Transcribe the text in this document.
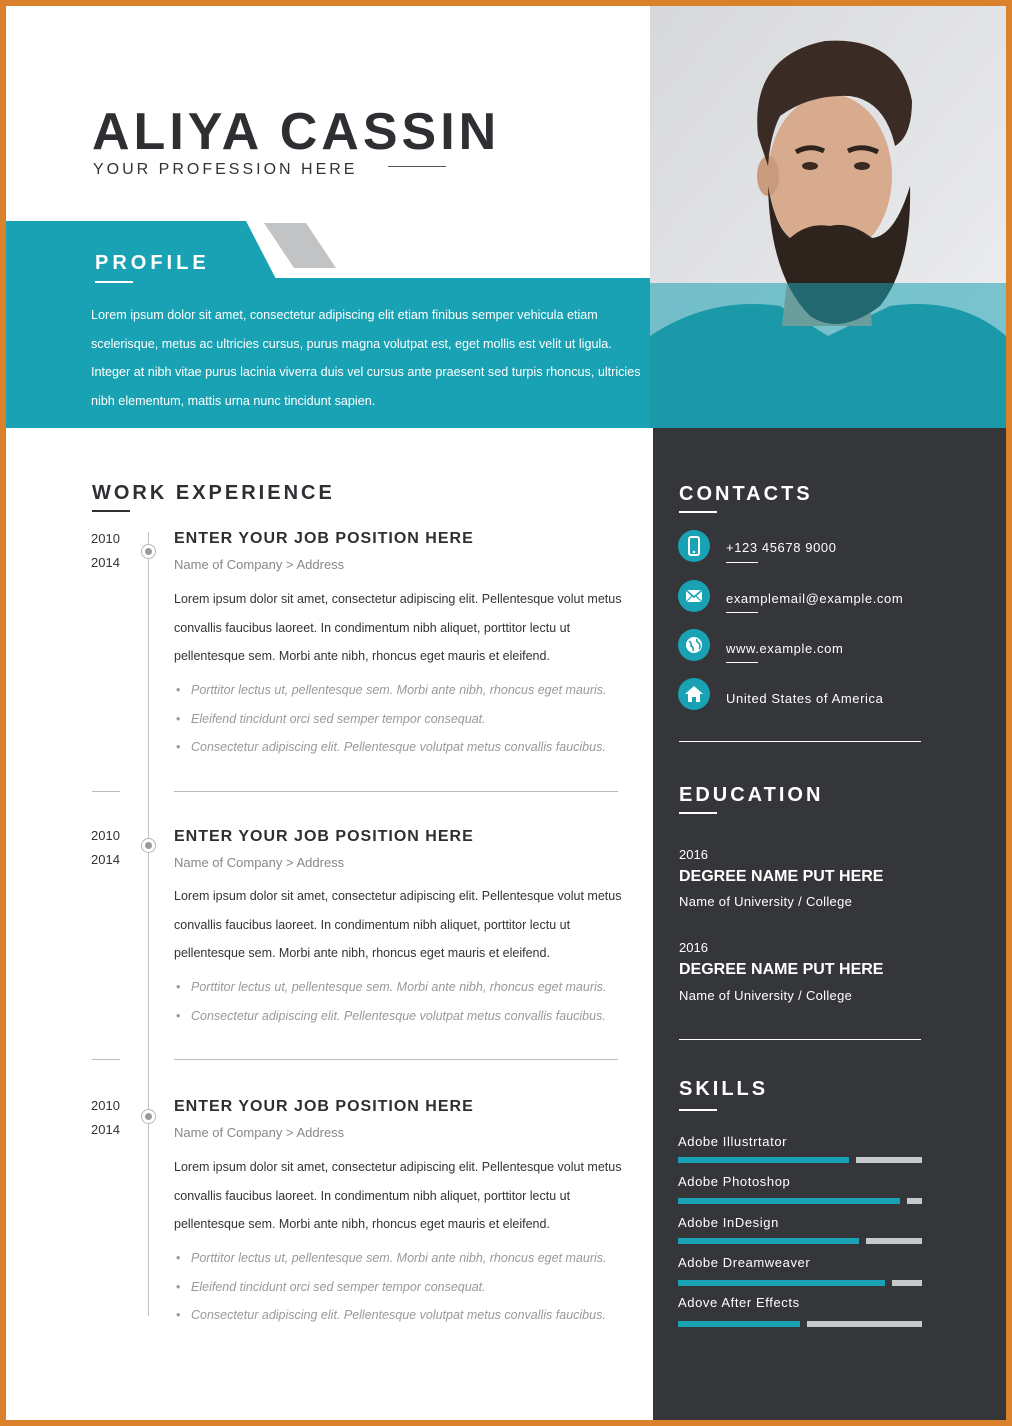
ALIYA CASSIN
YOUR PROFESSION HERE
PROFILE
Lorem ipsum dolor sit amet, consectetur adipiscing elit etiam finibus semper vehicula etiam scelerisque, metus ac ultricies cursus, purus magna volutpat est, eget mollis est velit ut ligula. Integer at nibh vitae purus lacinia viverra duis vel cursus ante praesent sed turpis rhoncus, ultricies nibh elementum, mattis urna nunc tincidunt sapien.
WORK EXPERIENCE
2010
2014
ENTER YOUR JOB POSITION HERE
Name of Company > Address
Lorem ipsum dolor sit amet, consectetur adipiscing elit. Pellentesque volut metus convallis faucibus laoreet. In condimentum nibh aliquet, porttitor lectu ut pellentesque sem. Morbi ante nibh, rhoncus eget mauris et eleifend.
• Porttitor lectus ut, pellentesque sem. Morbi ante nibh, rhoncus eget mauris.
• Eleifend tincidunt orci sed semper tempor consequat.
• Consectetur adipiscing elit. Pellentesque volutpat metus convallis faucibus.
2010
2014
ENTER YOUR JOB POSITION HERE
Name of Company > Address
Lorem ipsum dolor sit amet, consectetur adipiscing elit. Pellentesque volut metus convallis faucibus laoreet. In condimentum nibh aliquet, porttitor lectu ut pellentesque sem. Morbi ante nibh, rhoncus eget mauris et eleifend.
• Porttitor lectus ut, pellentesque sem. Morbi ante nibh, rhoncus eget mauris.
• Consectetur adipiscing elit. Pellentesque volutpat metus convallis faucibus.
2010
2014
ENTER YOUR JOB POSITION HERE
Name of Company > Address
Lorem ipsum dolor sit amet, consectetur adipiscing elit. Pellentesque volut metus convallis faucibus laoreet. In condimentum nibh aliquet, porttitor lectu ut pellentesque sem. Morbi ante nibh, rhoncus eget mauris et eleifend.
• Porttitor lectus ut, pellentesque sem. Morbi ante nibh, rhoncus eget mauris.
• Eleifend tincidunt orci sed semper tempor consequat.
• Consectetur adipiscing elit. Pellentesque volutpat metus convallis faucibus.
CONTACTS
+123 45678 9000
examplemail@example.com
www.example.com
United States of America
EDUCATION
2016
DEGREE NAME PUT HERE
Name of University / College
2016
DEGREE NAME PUT HERE
Name of University / College
SKILLS
Adobe Illustrtator
Adobe Photoshop
Adobe InDesign
Adobe Dreamweaver
Adove After Effects
